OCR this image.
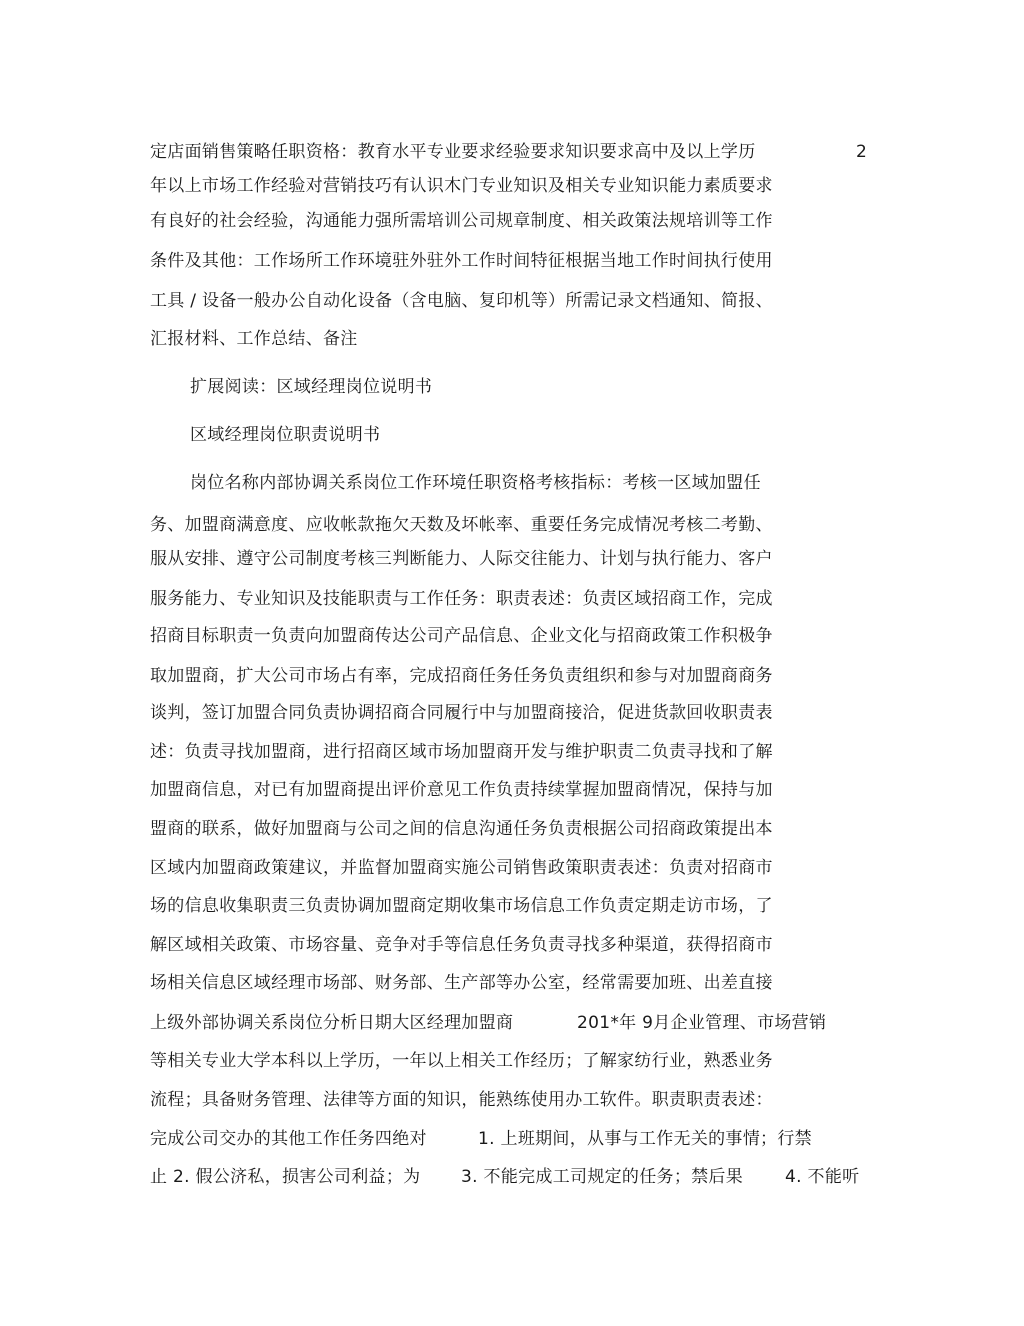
定店面销售策略任职资格：教育水平专业要求经验要求知识要求高中及以上学历	2
年以上市场工作经验对营销技巧有认识木门专业知识及相关专业知识能力素质要求
有良好的社会经验，沟通能力强所需培训公司规章制度、相关政策法规培训等工作
条件及其他：工作场所工作环境驻外驻外工作时间特征根据当地工作时间执行使用
工具 / 设备一般办公自动化设备（含电脑、复印机等）所需记录文档通知、简报、
汇报材料、工作总结、备注
扩展阅读：区域经理岗位说明书
区域经理岗位职责说明书
岗位名称内部协调关系岗位工作环境任职资格考核指标：考核一区域加盟任
务、加盟商满意度、应收帐款拖欠天数及坏帐率、重要任务完成情况考核二考勤、
服从安排、遵守公司制度考核三判断能力、人际交往能力、计划与执行能力、客户
服务能力、专业知识及技能职责与工作任务：职责表述：负责区域招商工作，完成
招商目标职责一负责向加盟商传达公司产品信息、企业文化与招商政策工作积极争
取加盟商，扩大公司市场占有率，完成招商任务任务负责组织和参与对加盟商商务
谈判，签订加盟合同负责协调招商合同履行中与加盟商接洽，促进货款回收职责表
述：负责寻找加盟商，进行招商区域市场加盟商开发与维护职责二负责寻找和了解
加盟商信息，对已有加盟商提出评价意见工作负责持续掌握加盟商情况，保持与加
盟商的联系，做好加盟商与公司之间的信息沟通任务负责根据公司招商政策提出本
区域内加盟商政策建议，并监督加盟商实施公司销售政策职责表述：负责对招商市
场的信息收集职责三负责协调加盟商定期收集市场信息工作负责定期走访市场，了
解区域相关政策、市场容量、竞争对手等信息任务负责寻找多种渠道，获得招商市
场相关信息区域经理市场部、财务部、生产部等办公室，经常需要加班、出差直接
上级外部协调关系岗位分析日期大区经理加盟商	201*年 9月企业管理、市场营销
等相关专业大学本科以上学历，一年以上相关工作经历；了解家纺行业，熟悉业务
流程；具备财务管理、法律等方面的知识，能熟练使用办工软件。职责职责表述：
完成公司交办的其他工作任务四绝对	1. 上班期间，从事与工作无关的事情；行禁
止 2. 假公济私，损害公司利益；为 3. 不能完成工司规定的任务；禁后果 4. 不能听
